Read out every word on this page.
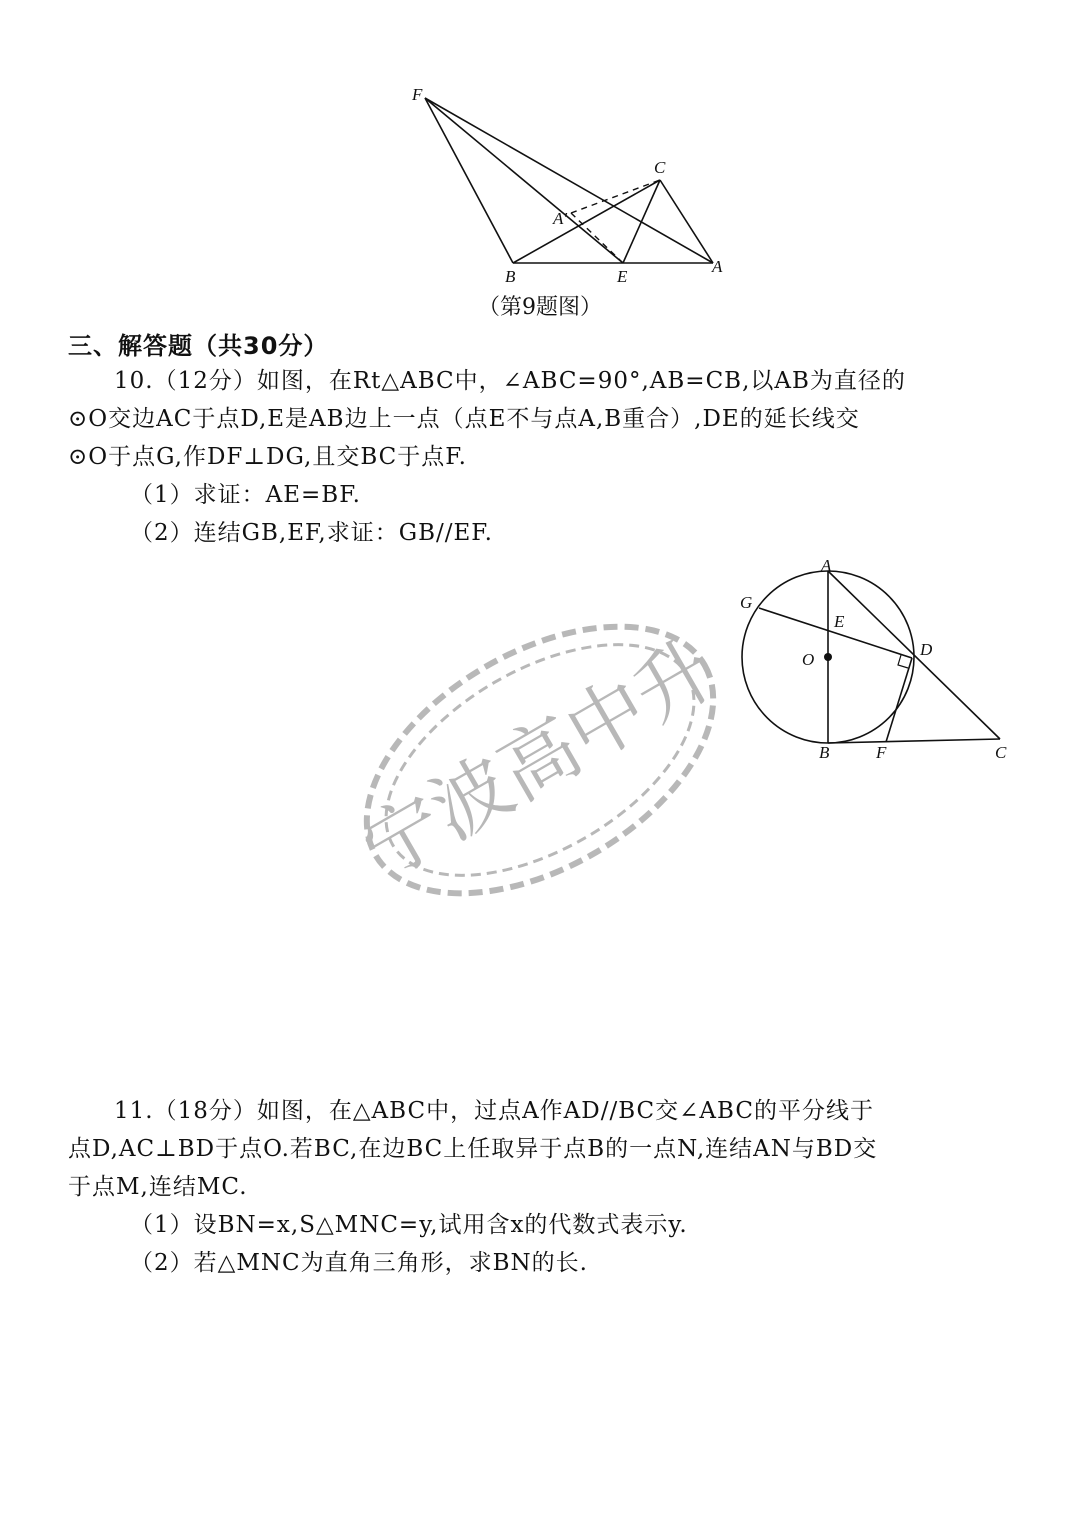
F
C
A′
B	E
A
（第9题图）
三、解答题（共30分）
10.（12分）如图，在Rt△ABC中，∠ABC=90°,AB=CB,以AB为直径的
⊙O交边AC于点D,E是AB边上一点（点E不与点A,B重合）,DE的延长线交
⊙O于点G,作DF⊥DG,且交BC于点F.
（1）求证：AE=BF.
（2）连结GB,EF,求证：GB//EF.
宁波高中升
A
G
E
O
D
B	F	C
11.（18分）如图，在△ABC中，过点A作AD//BC交∠ABC的平分线于
点D,AC⊥BD于点O.若BC,在边BC上任取异于点B的一点N,连结AN与BD交
于点M,连结MC.
（1）设BN=x,S△MNC=y,试用含x的代数式表示y.
（2）若△MNC为直角三角形，求BN的长.
